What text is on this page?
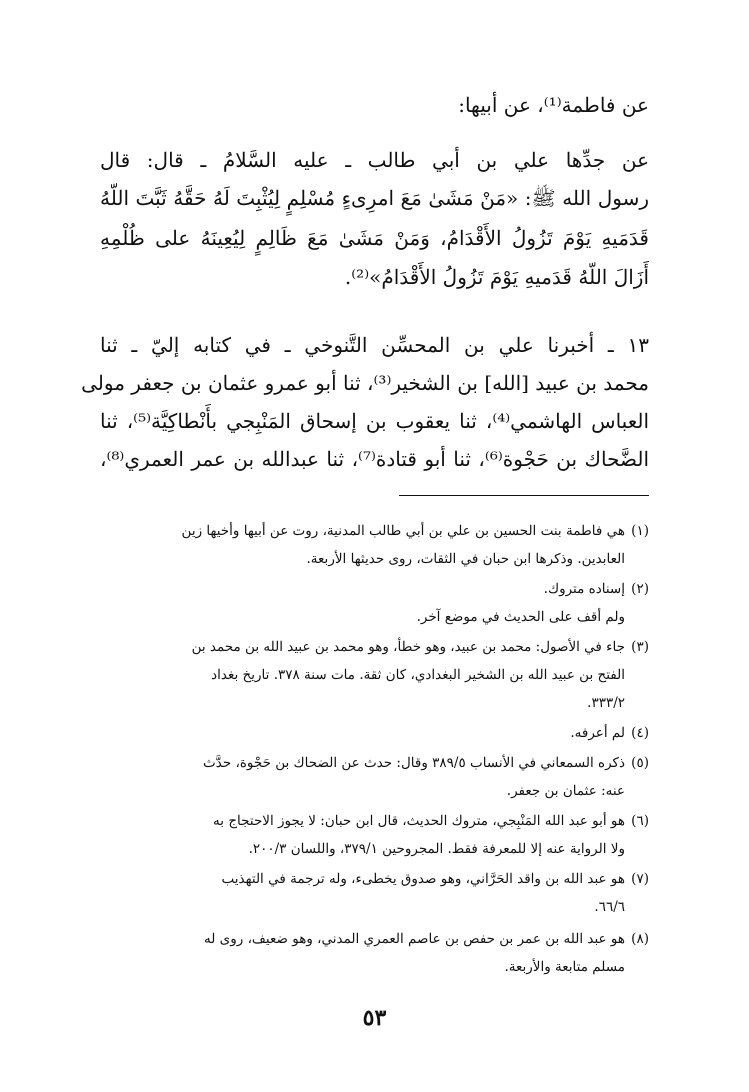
عن فاطمة⁽¹⁾، عن أبيها:
عن جدِّها علي بن أبي طالب ـ عليه السَّلامُ ـ قال: قال
رسول الله ﷺ: «مَنْ مَشَىٰ مَعَ امرِىءٍ مُسْلِمٍ لِيُثْبِتَ لَهُ حَقَّهُ ثَبَّتَ اللّهُ
قَدَمَيهِ يَوْمَ تَزُولُ الأَقْدَامُ، وَمَنْ مَشَىٰ مَعَ ظَالِمٍ لِيُعِينَهُ على ظُلْمِهِ
أَزَالَ اللّهُ قَدَميهِ يَوْمَ تَزُولُ الأَقْدَامُ»⁽²⁾.
١٣ ـ أخبرنا علي بن المحسِّن التَّنوخي ـ في كتابه إليّ ـ ثنا
محمد بن عبيد [الله] بن الشخير⁽³⁾، ثنا أبو عمرو عثمان بن جعفر مولى
العباس الهاشمي⁽⁴⁾، ثنا يعقوب بن إسحاق المَنْبِجي بأَنْطاكِيَّة⁽⁵⁾، ثنا
الضَّحاك بن حَجْوة⁽⁶⁾، ثنا أبو قتادة⁽⁷⁾، ثنا عبدالله بن عمر العمري⁽⁸⁾،
(١)هي فاطمة بنت الحسين بن علي بن أبي طالب المدنية، روت عن أبيها وأخيها زين
العابدين. وذكرها ابن حبان في الثقات، روى حديثها الأربعة.
(٢)إسناده متروك.
ولم أقف على الحديث في موضع آخر.
(٣)جاء في الأصول: محمد بن عبيد، وهو خطأ، وهو محمد بن عبيد الله بن محمد بن
الفتح بن عبيد الله بن الشخير البغدادي، كان ثقة. مات سنة ٣٧٨. تاريخ بغداد
٣٣٣/٢.
(٤)لم أعرفه.
(٥)ذكره السمعاني في الأنساب ٣٨٩/٥ وقال: حدث عن الضحاك بن حَجْوة، حدَّث
عنه: عثمان بن جعفر.
(٦)هو أبو عبد الله المَنْبِجي، متروك الحديث، قال ابن حبان: لا يجوز الاحتجاج به
ولا الرواية عنه إلا للمعرفة فقط. المجروحين ٣٧٩/١، واللسان ٢٠٠/٣.
(٧)هو عبد الله بن واقد الحَرَّاني، وهو صدوق يخطىء، وله ترجمة في التهذيب
٦٦/٦.
(٨)هو عبد الله بن عمر بن حفص بن عاصم العمري المدني، وهو ضعيف، روى له
مسلم متابعة والأربعة.
٥٣
